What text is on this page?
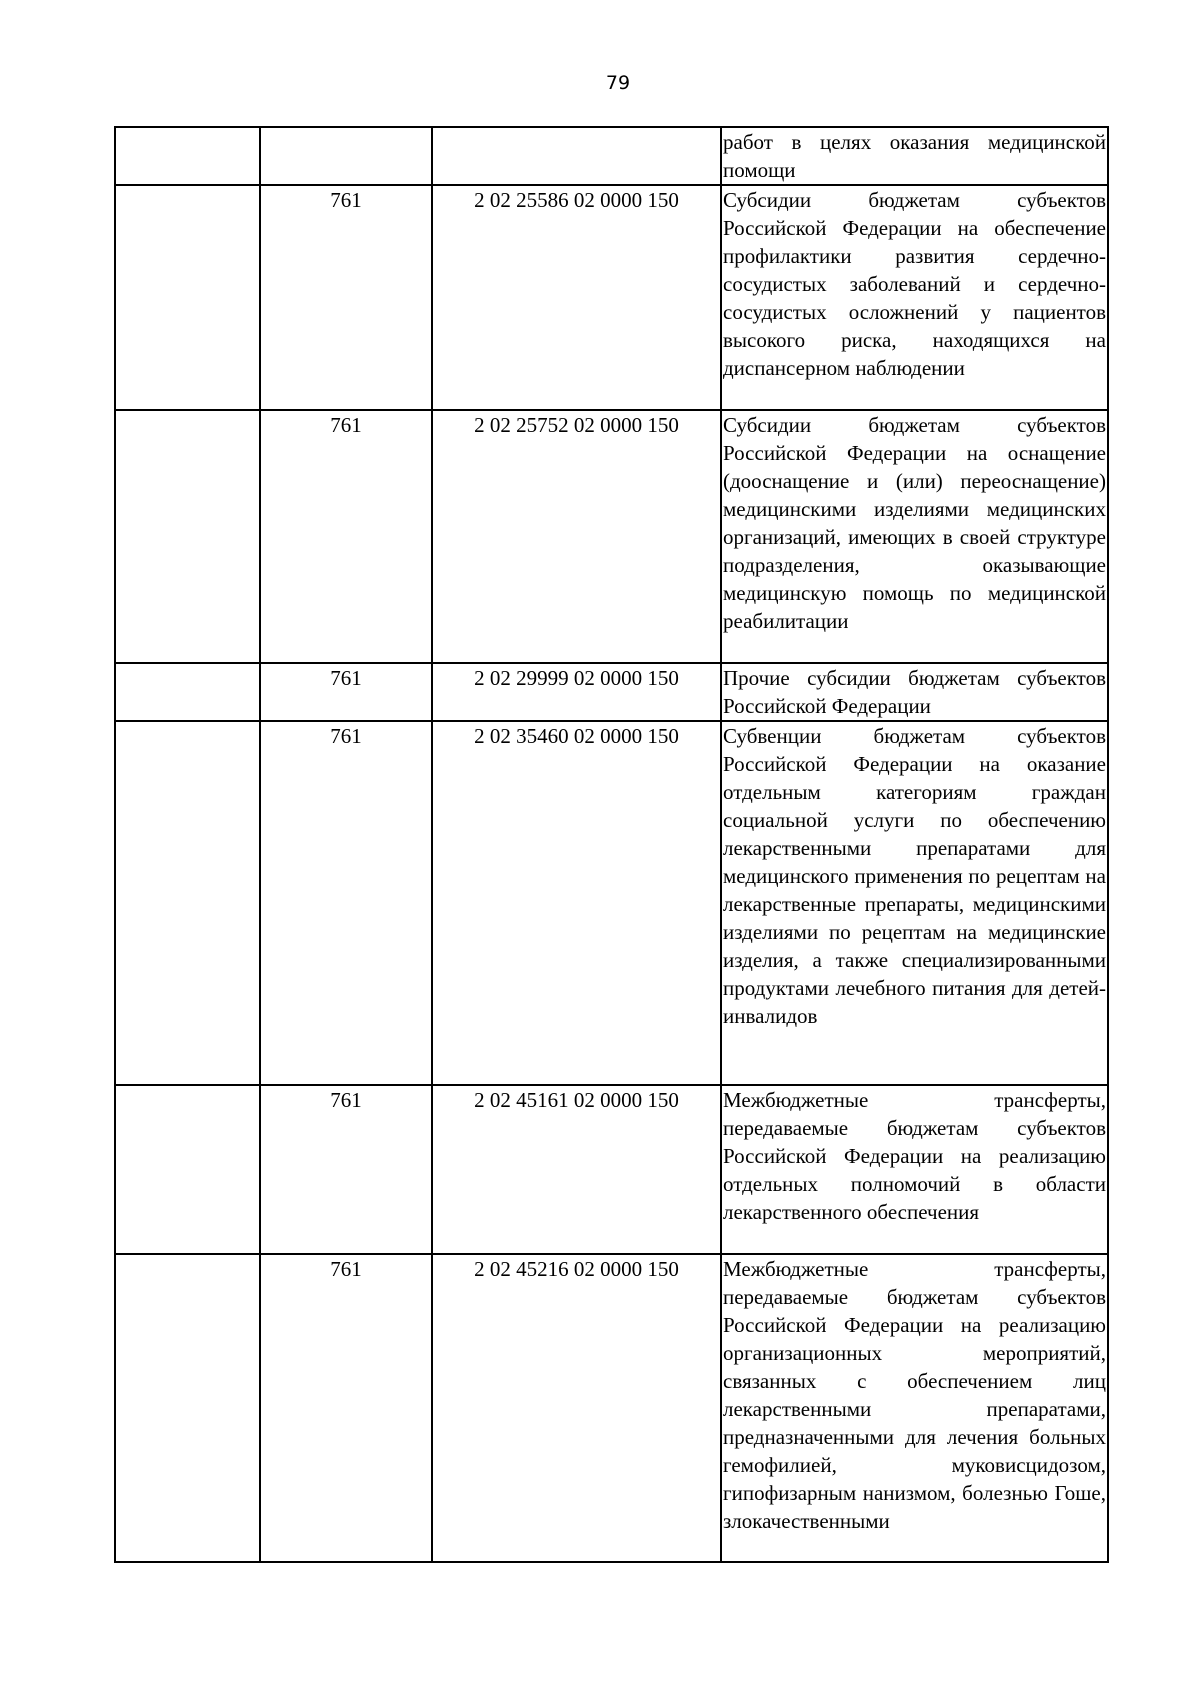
79
			работ в целях оказания медицинской помощи
	761	2 02 25586 02 0000 150	Субсидии бюджетам субъектов Российской Федерации на обеспечение профилактики развития сердечно-сосудистых заболеваний и сердечно-сосудистых осложнений у пациентов высокого риска, находящихся на диспансерном наблюдении
	761	2 02 25752 02 0000 150	Субсидии бюджетам субъектов Российской Федерации на оснащение (дооснащение и (или) переоснащение) медицинскими изделиями медицинских организаций, имеющих в своей структуре подразделения, оказывающие медицинскую помощь по медицинской реабилитации
	761	2 02 29999 02 0000 150	Прочие субсидии бюджетам субъектов Российской Федерации
	761	2 02 35460 02 0000 150	Субвенции бюджетам субъектов Российской Федерации на оказание отдельным категориям граждан социальной услуги по обеспечению лекарственными препаратами для медицинского применения по рецептам на лекарственные препараты, медицинскими изделиями по рецептам на медицинские изделия, а также специализированными продуктами лечебного питания для детей-инвалидов
	761	2 02 45161 02 0000 150	Межбюджетные трансферты, передаваемые бюджетам субъектов Российской Федерации на реализацию отдельных полномочий в области лекарственного обеспечения
	761	2 02 45216 02 0000 150	Межбюджетные трансферты, передаваемые бюджетам субъектов Российской Федерации на реализацию организационных мероприятий, связанных с обеспечением лиц лекарственными препаратами, предназначенными для лечения больных гемофилией, муковисцидозом, гипофизарным нанизмом, болезнью Гоше, злокачественными
